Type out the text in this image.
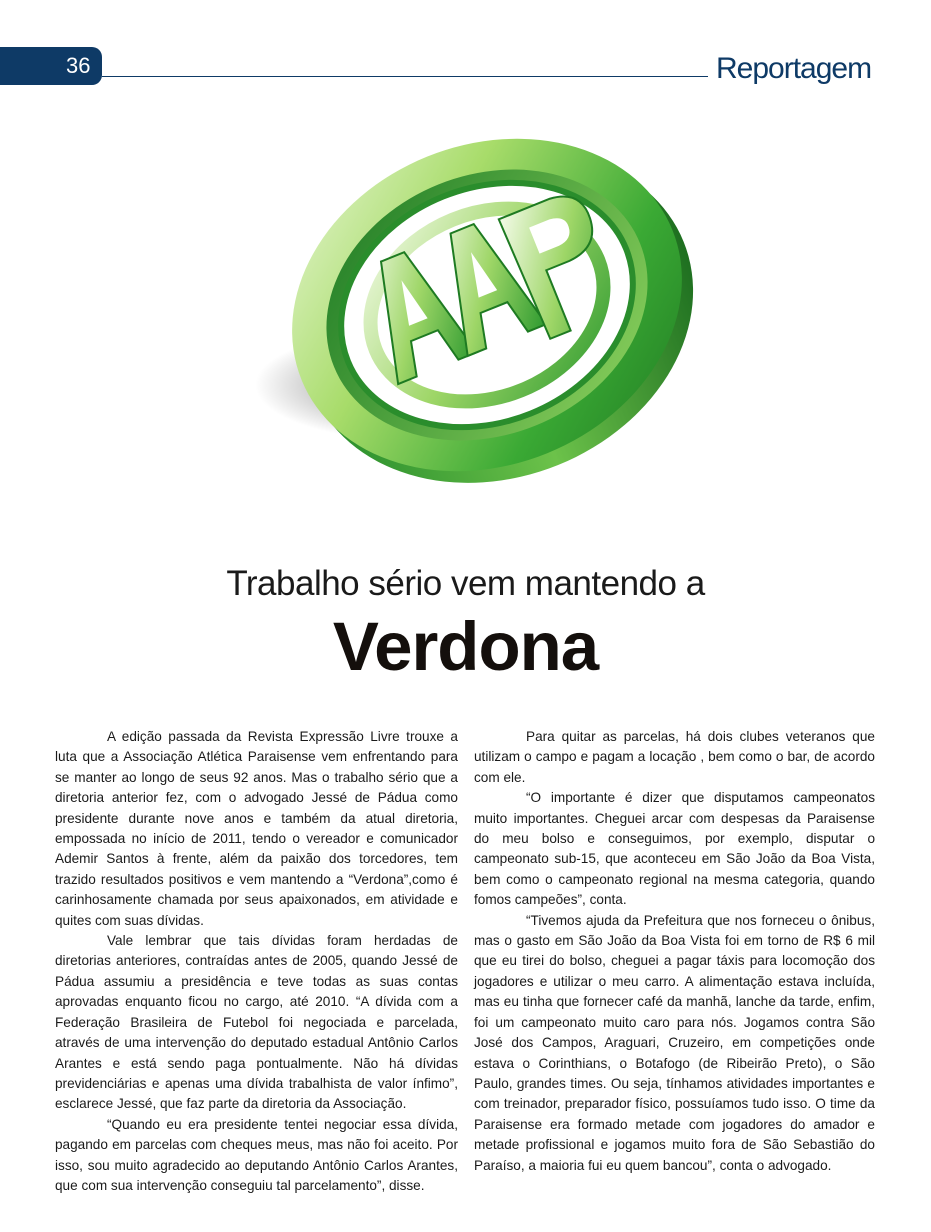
36	Reportagem
Trabalho sério vem mantendo a
Verdona

A edição passada da Revista Expressão Livre trouxe a luta que a Associação Atlética Paraisense vem enfrentando para se manter ao longo de seus 92 anos. Mas o trabalho sério que a diretoria anterior fez, com o advogado Jessé de Pádua como presidente durante nove anos e também da atual diretoria, empossada no início de 2011, tendo o vereador e comunicador Ademir Santos à frente, além da paixão dos torcedores, tem trazido resultados positivos e vem mantendo a “Verdona”,como é carinhosamente chamada por seus apaixonados, em atividade e quites com suas dívidas.

Vale lembrar que tais dívidas foram herdadas de diretorias anteriores, contraídas antes de 2005, quando Jessé de Pádua assumiu a presidência e teve todas as suas contas aprovadas enquanto ficou no cargo, até 2010. “A dívida com a Federação Brasileira de Futebol foi negociada e parcelada, através de uma intervenção do deputado estadual Antônio Carlos Arantes e está sendo paga pontualmente. Não há dívidas previdenciárias e apenas uma dívida trabalhista de valor ínfimo”, esclarece Jessé, que faz parte da diretoria da Associação.

“Quando eu era presidente tentei negociar essa dívida, pagando em parcelas com cheques meus, mas não foi aceito. Por isso, sou muito agradecido ao deputando Antônio Carlos Arantes, que com sua intervenção conseguiu tal parcelamento”, disse.

Para quitar as parcelas, há dois clubes veteranos que utilizam o campo e pagam a locação , bem como o bar, de acordo com ele.

“O importante é dizer que disputamos campeonatos muito importantes. Cheguei arcar com despesas da Paraisense do meu bolso e conseguimos, por exemplo, disputar o campeonato sub-15, que aconteceu em São João da Boa Vista, bem como o campeonato regional na mesma categoria, quando fomos campeões”, conta.

“Tivemos ajuda da Prefeitura que nos forneceu o ônibus, mas o gasto em São João da Boa Vista foi em torno de R$ 6 mil que eu tirei do bolso, cheguei a pagar táxis para locomoção dos jogadores e utilizar o meu carro. A alimentação estava incluída, mas eu tinha que fornecer café da manhã, lanche da tarde, enfim, foi um campeonato muito caro para nós. Jogamos contra São José dos Campos, Araguari, Cruzeiro, em competições onde estava o Corinthians, o Botafogo (de Ribeirão Preto), o São Paulo, grandes times. Ou seja, tínhamos atividades importantes e com treinador, preparador físico, possuíamos tudo isso. O time da Paraisense era formado metade com jogadores do amador e metade profissional e jogamos muito fora de São Sebastião do Paraíso, a maioria fui eu quem bancou”, conta o advogado.
